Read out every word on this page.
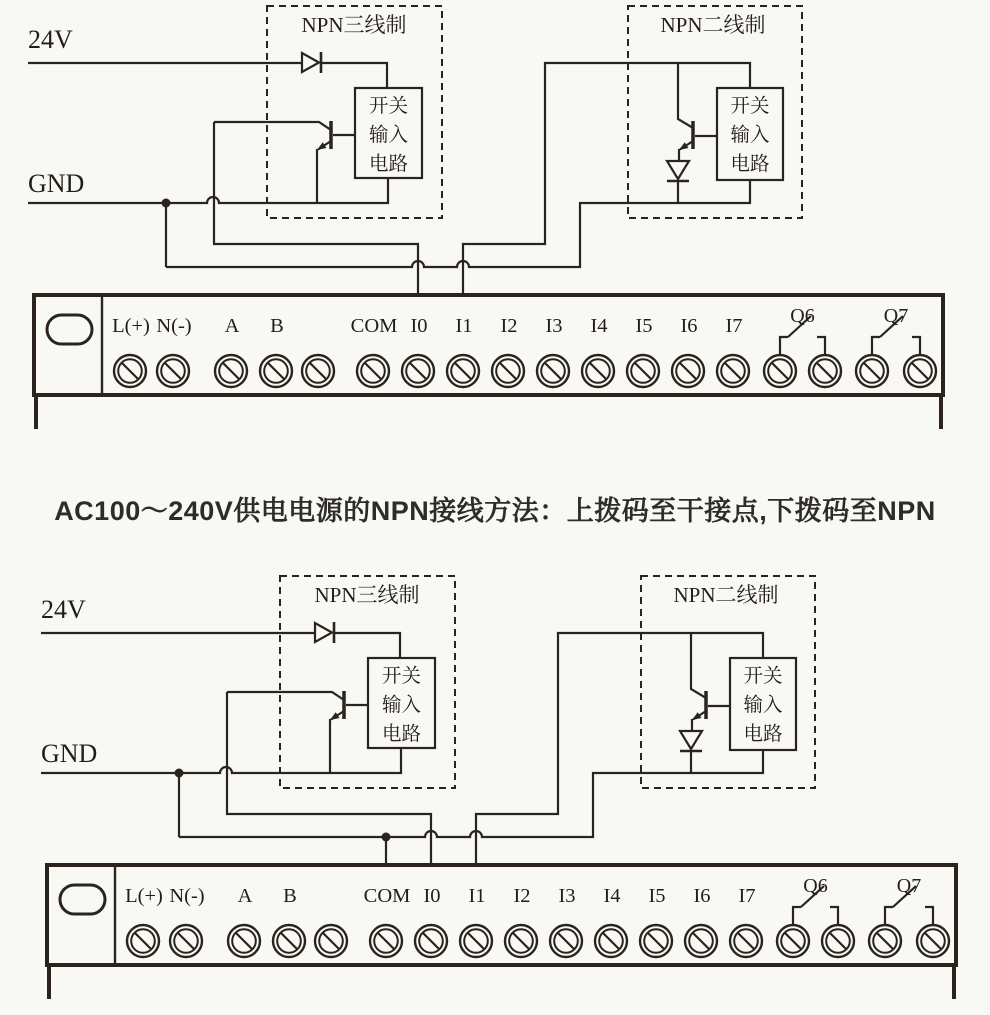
24V
GND
NPN三线制	NPN二线制
开关
输入
电路
开关
输入
电路
L(+) N(-) A B	COM I0 I1 I2 I3 I4 I5 I6 I7 Q6	Q7
24V
GND
NPN三线制	NPN二线制
开关
输入
电路
开关
输入
电路
L(+) N(-) A B	COM I0 I1 I2 I3 I4 I5 I6 I7 Q6	Q7
AC100～240V供电电源的NPN接线方法：上拨码至干接点,下拨码至NPN
